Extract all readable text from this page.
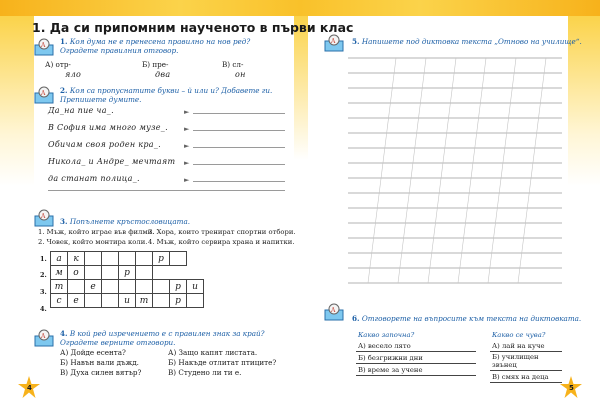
1. Да си припомним наученото в първи клас
A 1. Коя дума не е пренесена правилно на нов ред? Оградете правилния отговор.
А) отр-	Б) пре-	В) сл-
яло	два	он
A 2. Коя са пропуснатите букви – й или и? Добавете ги. Препишете думите.
Да_на пие ча_.
В София има много музе_.
Обичам своя роден кра_.
Никола_ и Андре_ мечтаят
да станат полица_.
►
►
►
►
►
A
3. Попълнете кръстословицата.
1. Мъж, който играе във филми.
3. Хора, които тренират спортни отбори.
2. Човек, който монтира коли. 4. Мъж, който сервира храна и напитки.
1.
2.
3.
4.
а	к					р		
м	о			р				
т		е					р	и
с	е			и	т		р	
A 4. В кой ред изречението е с правилен знак за край? Оградете верните отговори.
А) Дойде есента?
Б) Навън вали дъжд.
В) Духа силен вятър?
А) Защо капят листата.
Б) Накъде отлитат птиците?
В) Студено ли ти е.
4
A 5. Напишете под диктовка текста „Отново на училище“.
A
6. Отговорете на въпросите към текста на диктовката.
Какво започна?
А) весело лято
Б) безгрижни дни
В) време за учене
Какво се чува?
А) лай на куче
Б) училищен звънец
В) смях на деца
5
